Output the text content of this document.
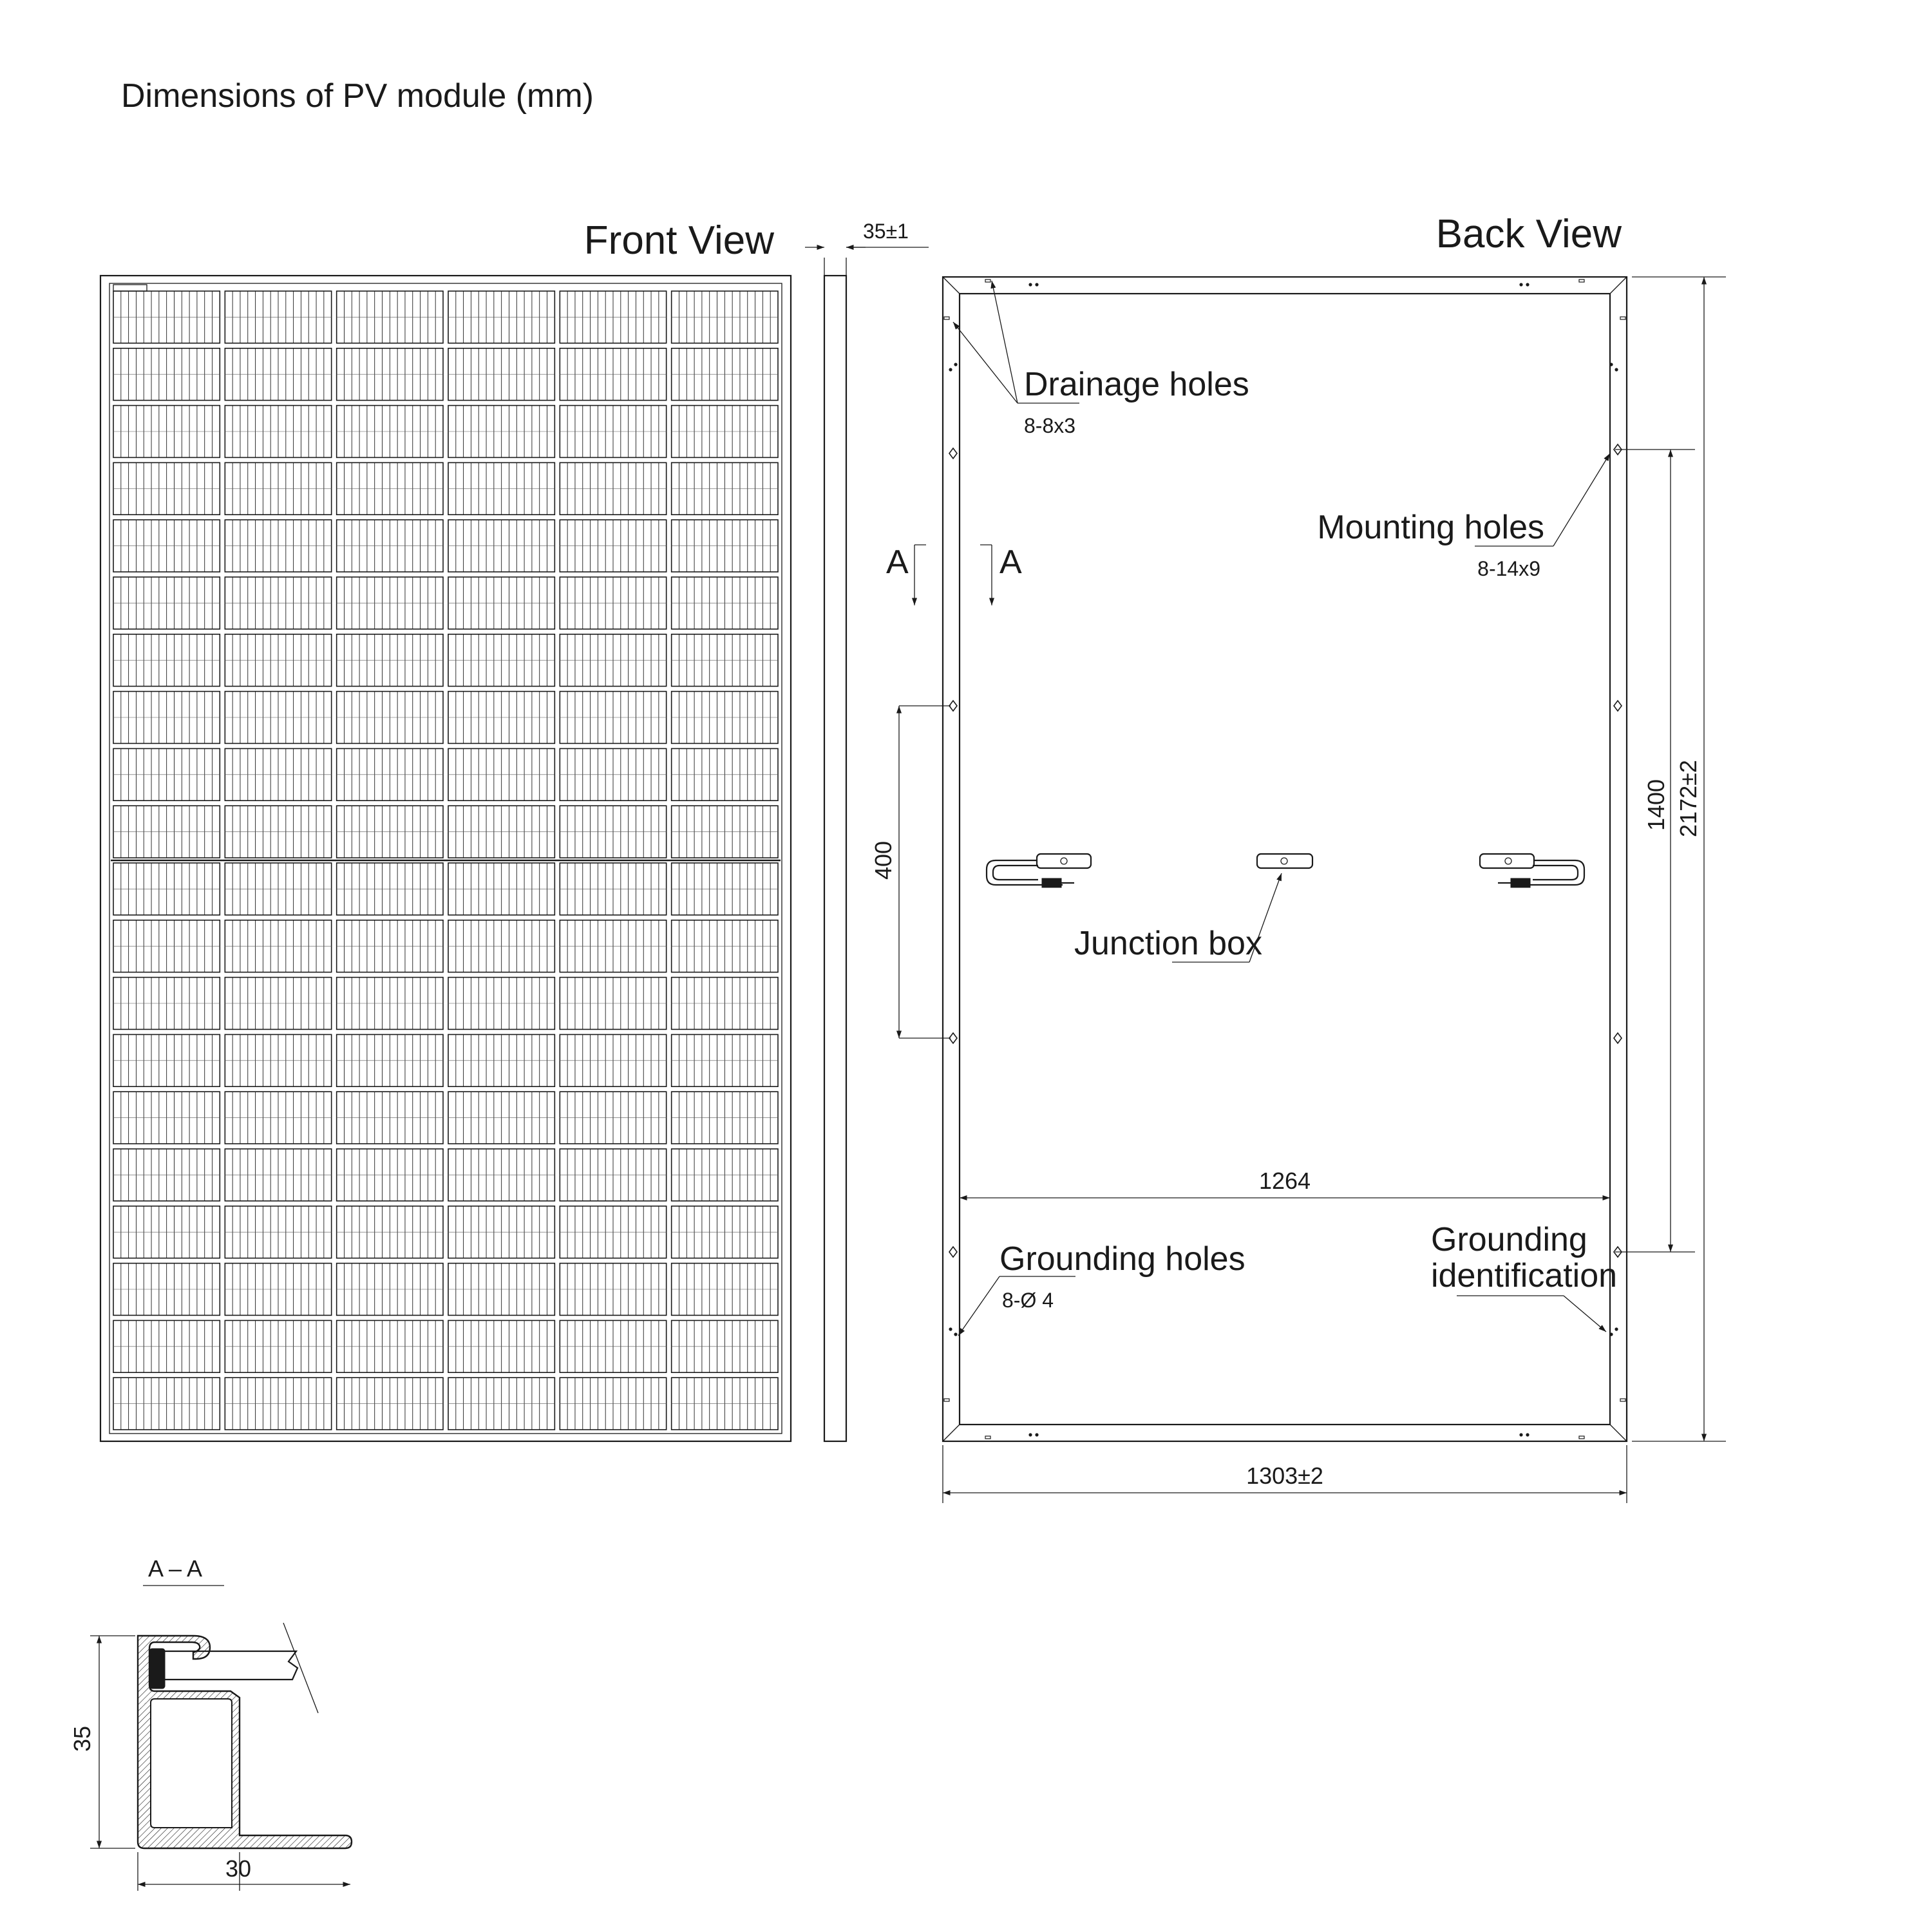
Dimensions of PV module (mm)
Front View	35±1	Back View
Drainage holes
8-8x3
Mounting holes
8-14x9
A	A
Junction box
Grounding holes
8-Ø 4
Grounding
identification
2172±2
1400
400
1264
1303±2
A – A
35
30
